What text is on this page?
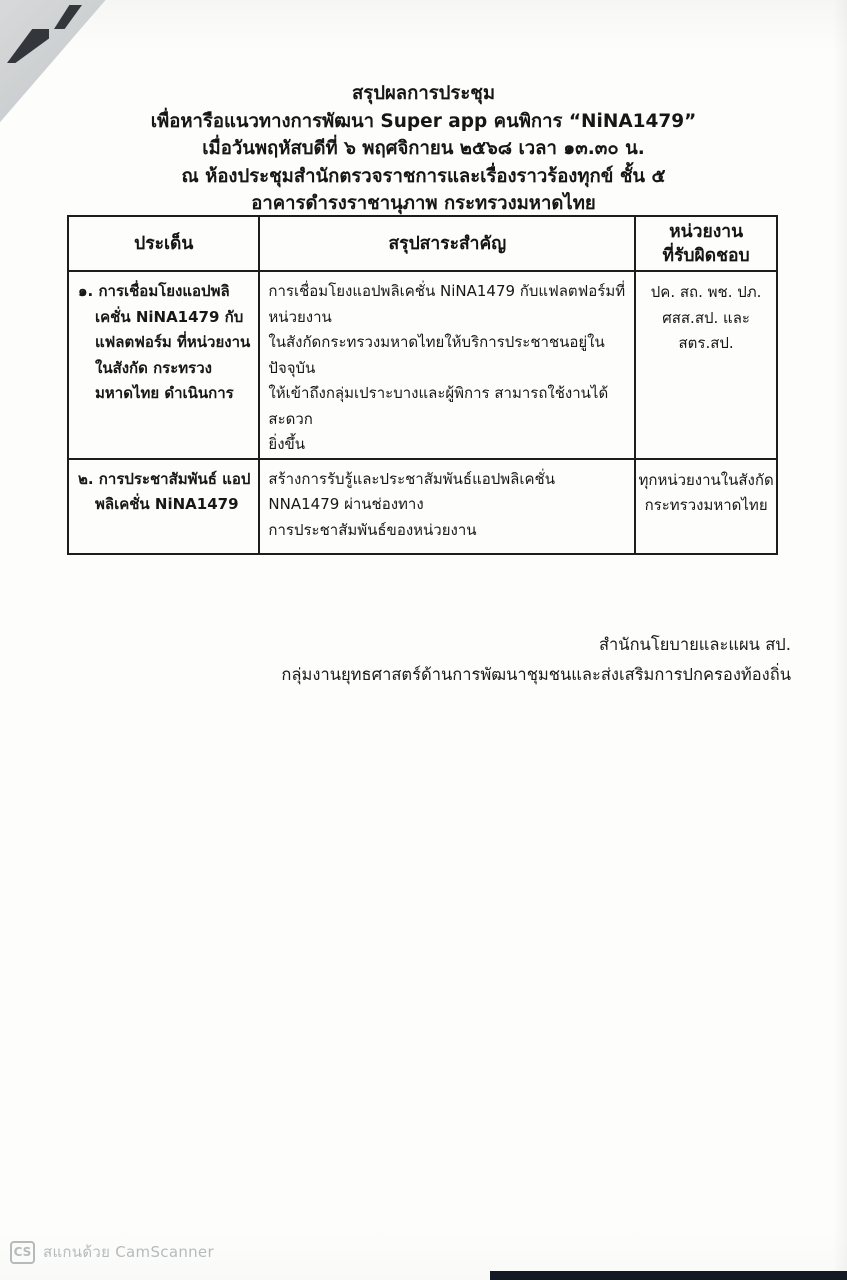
สรุปผลการประชุม
เพื่อหารือแนวทางการพัฒนา Super app คนพิการ “NiNA1479”
เมื่อวันพฤหัสบดีที่ ๖ พฤศจิกายน ๒๕๖๘ เวลา ๑๓.๓๐ น.
ณ ห้องประชุมสำนักตรวจราชการและเรื่องราวร้องทุกข์ ชั้น ๕
อาคารดำรงราชานุภาพ กระทรวงมหาดไทย
ประเด็น	สรุปสาระสำคัญ	หน่วยงาน
ที่รับผิดชอบ

๑. การเชื่อมโยงแอปพลิเคชั่น NiNA1479 กับแฟลตฟอร์ม ที่หน่วยงานในสังกัด กระทรวงมหาดไทย ดำเนินการ	การเชื่อมโยงแอปพลิเคชั่น NiNA1479 กับแฟลตฟอร์มที่หน่วยงาน
ในสังกัดกระทรวงมหาดไทยให้บริการประชาชนอยู่ในปัจจุบัน
ให้เข้าถึงกลุ่มเปราะบางและผู้พิการ สามารถใช้งานได้สะดวก
ยิ่งขึ้น	ปค. สถ. พช. ปภ.
ศสส.สป. และ สตร.สป.

๒. การประชาสัมพันธ์ แอปพลิเคชั่น NiNA1479	สร้างการรับรู้และประชาสัมพันธ์แอปพลิเคชั่น NNA1479 ผ่านช่องทาง
การประชาสัมพันธ์ของหน่วยงาน	ทุกหน่วยงานในสังกัด
กระทรวงมหาดไทย
สำนักนโยบายและแผน สป.
กลุ่มงานยุทธศาสตร์ด้านการพัฒนาชุมชนและส่งเสริมการปกครองท้องถิ่น
CS สแกนด้วย CamScanner
